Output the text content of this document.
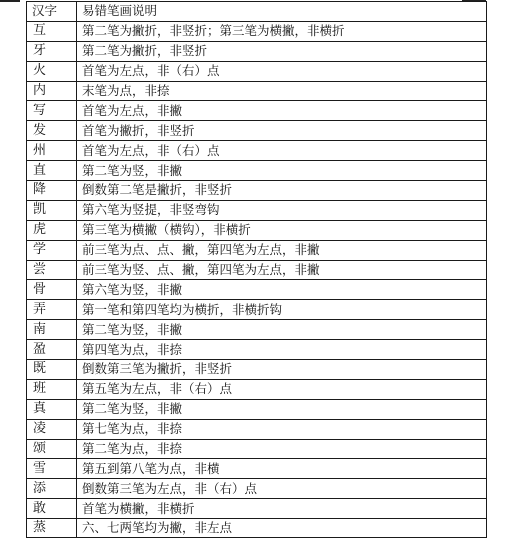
汉字	易错笔画说明
互	第二笔为撇折，非竖折；第三笔为横撇，非横折
牙	第二笔为撇折，非竖折
火	首笔为左点，非（右）点
内	末笔为点，非捺
写	首笔为左点，非撇
发	首笔为撇折，非竖折
州	首笔为左点，非（右）点
直	第二笔为竖，非撇
降	倒数第二笔是撇折，非竖折
凯	第六笔为竖提，非竖弯钩
虎	第三笔为横撇（横钩），非横折
学	前三笔为点、点、撇，第四笔为左点，非撇
尝	前三笔为竖、点、撇，第四笔为左点，非撇
骨	第六笔为竖，非撇
弄	第一笔和第四笔均为横折，非横折钩
南	第二笔为竖，非撇
盈	第四笔为点，非捺
既	倒数第三笔为撇折，非竖折
班	第五笔为左点，非（右）点
真	第二笔为竖，非撇
凌	第七笔为点，非捺
颂	第二笔为点，非捺
雪	第五到第八笔为点，非横
添	倒数第三笔为左点，非（右）点
敢	首笔为横撇，非横折
蒸	六、七两笔均为撇，非左点
